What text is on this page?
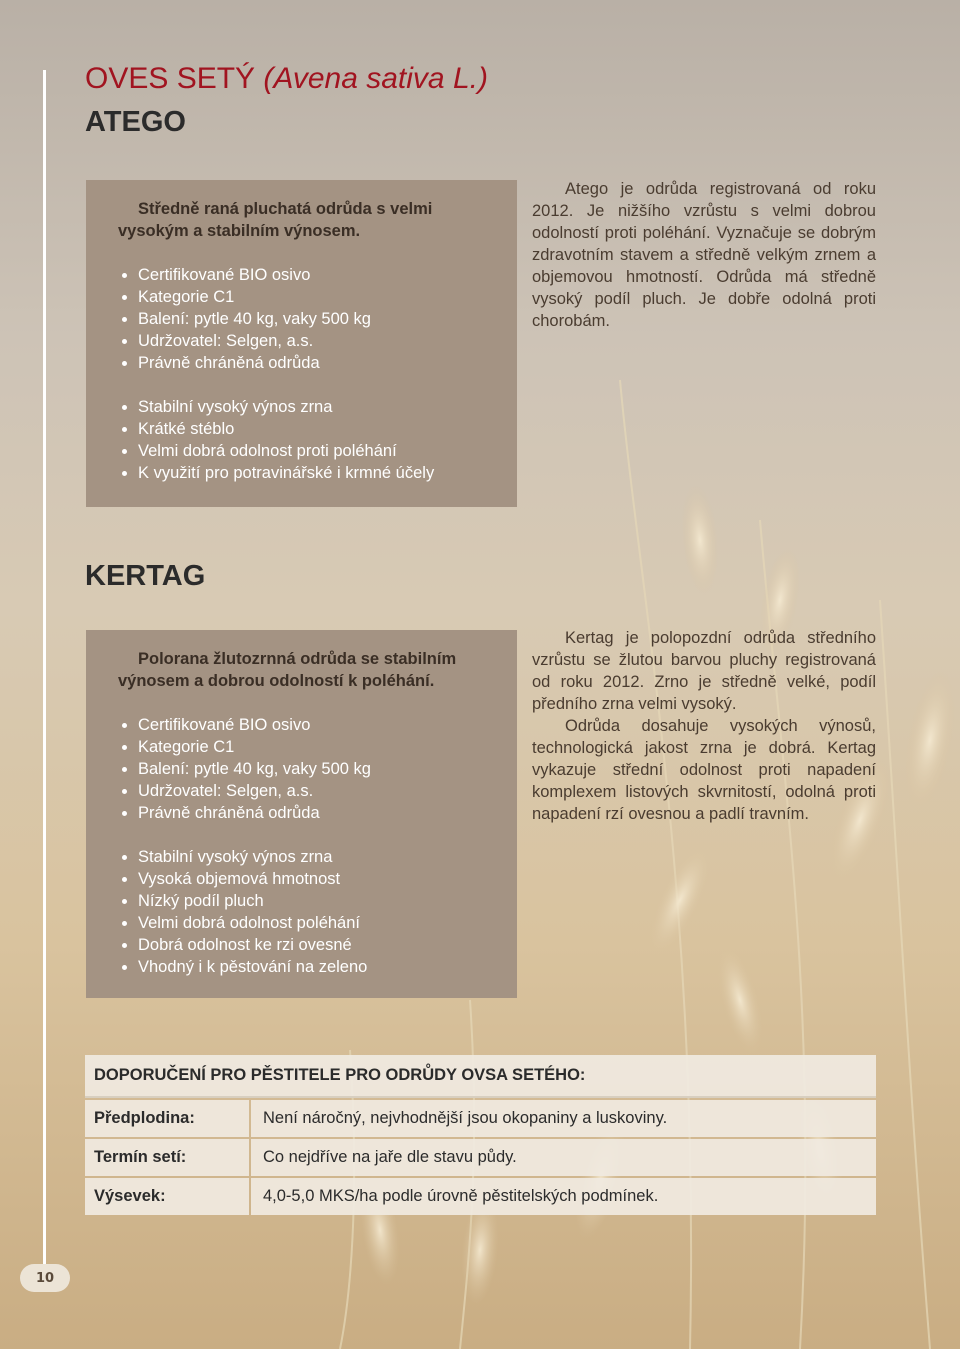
OVES SETÝ (Avena sativa L.)
ATEGO

Středně raná pluchatá odrůda s velmi vysokým a stabilním výnosem.

• Certifikované BIO osivo
• Kategorie C1
• Balení: pytle 40 kg, vaky 500 kg
• Udržovatel: Selgen, a.s.
• Právně chráněná odrůda
• Stabilní vysoký výnos zrna
• Krátké stéblo
• Velmi dobrá odolnost proti poléhání
• K využití pro potravinářské i krmné účely

Atego je odrůda registrovaná od roku 2012. Je nižšího vzrůstu s velmi dobrou odolností proti poléhání. Vyznačuje se dobrým zdravotním stavem a středně velkým zrnem a objemovou hmotností. Odrůda má středně vysoký podíl pluch. Je dobře odolná proti chorobám.

KERTAG

Polorana žlutozrnná odrůda se stabilním výnosem a dobrou odolností k poléhání.

• Certifikované BIO osivo
• Kategorie C1
• Balení: pytle 40 kg, vaky 500 kg
• Udržovatel: Selgen, a.s.
• Právně chráněná odrůda
• Stabilní vysoký výnos zrna
• Vysoká objemová hmotnost
• Nízký podíl pluch
• Velmi dobrá odolnost poléhání
• Dobrá odolnost ke rzi ovesné
• Vhodný i k pěstování na zeleno

Kertag je polopozdní odrůda středního vzrůstu se žlutou barvou pluchy registrovaná od roku 2012. Zrno je středně velké, podíl předního zrna velmi vysoký.

Odrůda dosahuje vysokých výnosů, technologická jakost zrna je dobrá. Kertag vykazuje střední odolnost proti napadení komplexem listových skvrnitostí, odolná proti napadení rzí ovesnou a padlí travním.

DOPORUČENÍ PRO PĚSTITELE PRO ODRŮDY OVSA SETÉHO:
Předplodina:	Není náročný, nejvhodnější jsou okopaniny a luskoviny.
Termín setí:	Co nejdříve na jaře dle stavu půdy.
Výsevek:	4,0-5,0 MKS/ha podle úrovně pěstitelských podmínek.
10
